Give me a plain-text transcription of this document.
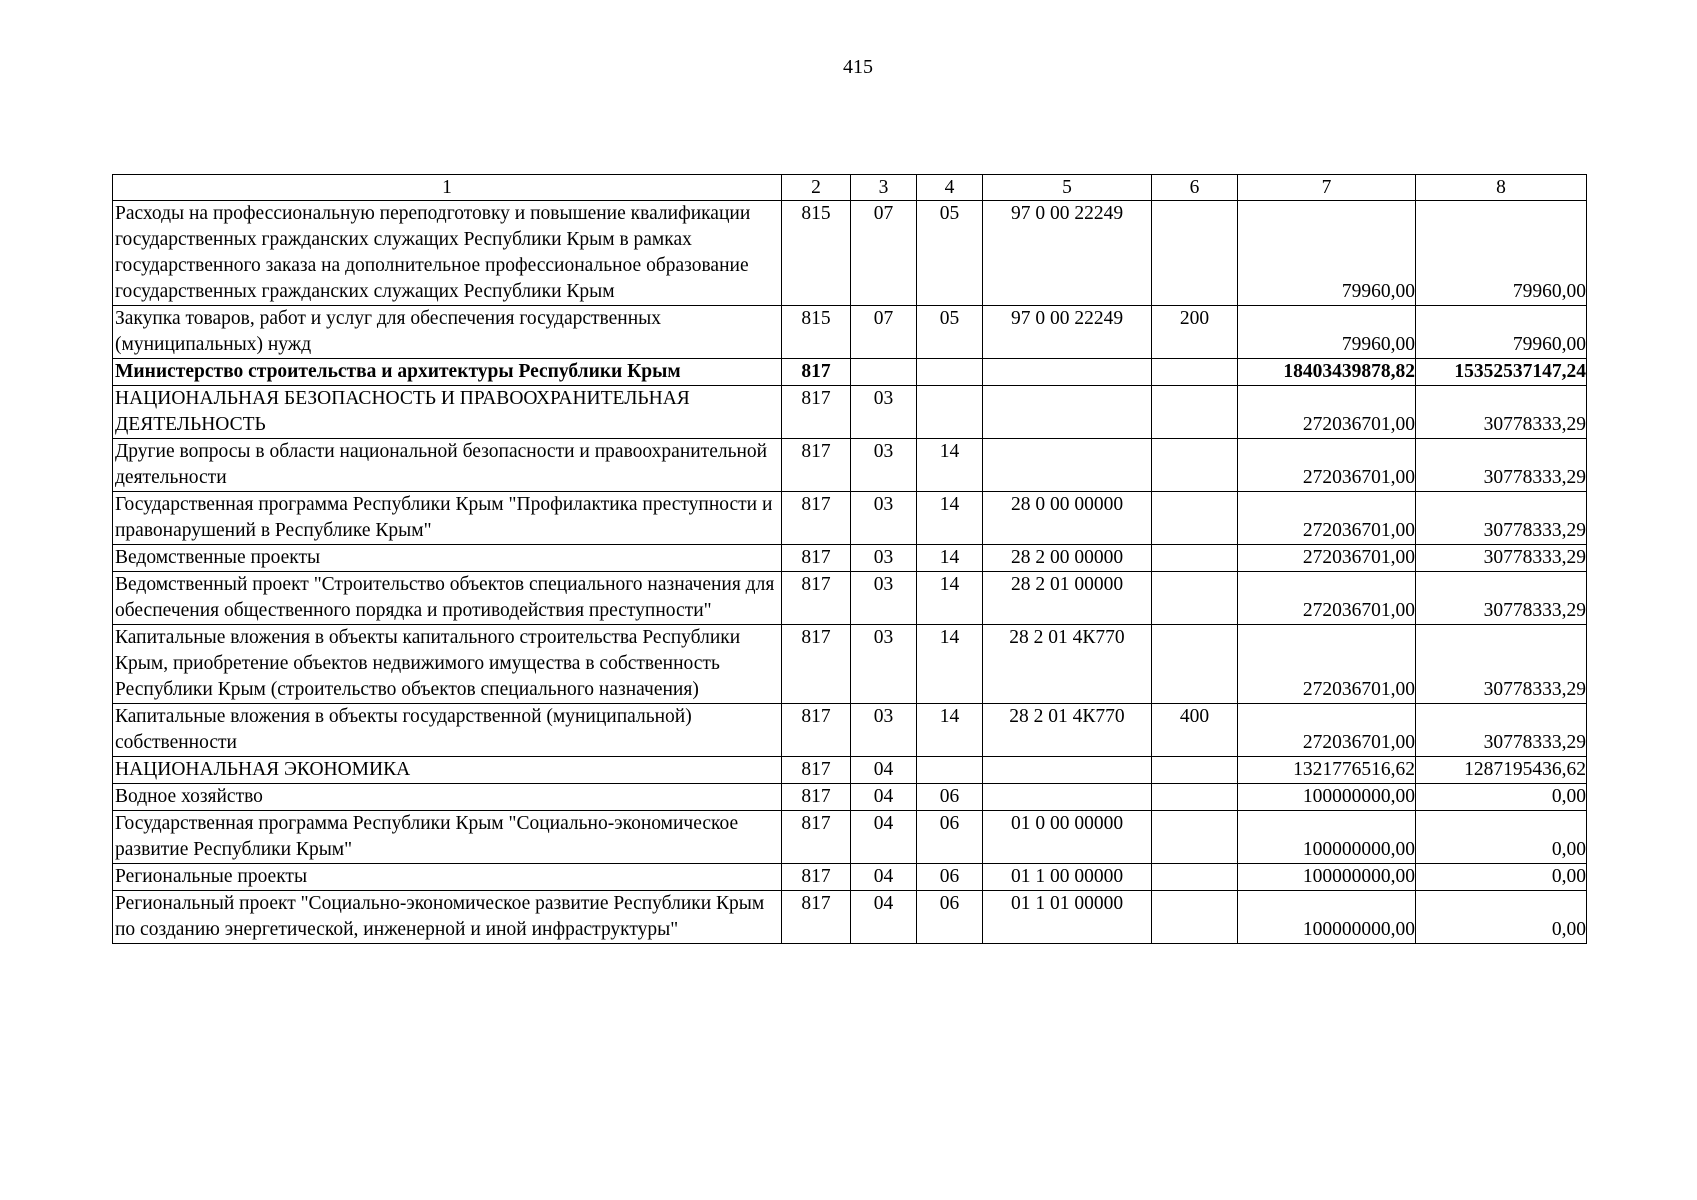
415
1	2	3	4	5	6	7	8
Расходы на профессиональную переподготовку и повышение квалификации государственных гражданских служащих Республики Крым в рамках государственного заказа на дополнительное профессиональное образование государственных гражданских служащих Республики Крым	815	07	05	97 0 00 22249		79960,00	79960,00
Закупка товаров, работ и услуг для обеспечения государственных (муниципальных) нужд	815	07	05	97 0 00 22249	200	79960,00	79960,00
Министерство строительства и архитектуры Республики Крым	817					18403439878,82	15352537147,24
НАЦИОНАЛЬНАЯ БЕЗОПАСНОСТЬ И ПРАВООХРАНИТЕЛЬНАЯ ДЕЯТЕЛЬНОСТЬ	817	03				272036701,00	30778333,29
Другие вопросы в области национальной безопасности и правоохранительной деятельности	817	03	14			272036701,00	30778333,29
Государственная программа Республики Крым "Профилактика преступности и правонарушений в Республике Крым"	817	03	14	28 0 00 00000		272036701,00	30778333,29
Ведомственные проекты	817	03	14	28 2 00 00000		272036701,00	30778333,29
Ведомственный проект "Строительство объектов специального назначения для обеспечения общественного порядка и противодействия преступности"	817	03	14	28 2 01 00000		272036701,00	30778333,29
Капитальные вложения в объекты капитального строительства Республики Крым, приобретение объектов недвижимого имущества в собственность Республики Крым (строительство объектов специального назначения)	817	03	14	28 2 01 4К770		272036701,00	30778333,29
Капитальные вложения в объекты государственной (муниципальной) собственности	817	03	14	28 2 01 4К770	400	272036701,00	30778333,29
НАЦИОНАЛЬНАЯ ЭКОНОМИКА	817	04				1321776516,62	1287195436,62
Водное хозяйство	817	04	06			100000000,00	0,00
Государственная программа Республики Крым "Социально-экономическое развитие Республики Крым"	817	04	06	01 0 00 00000		100000000,00	0,00
Региональные проекты	817	04	06	01 1 00 00000		100000000,00	0,00
Региональный проект "Социально-экономическое развитие Республики Крым по созданию энергетической, инженерной и иной инфраструктуры"	817	04	06	01 1 01 00000		100000000,00	0,00
